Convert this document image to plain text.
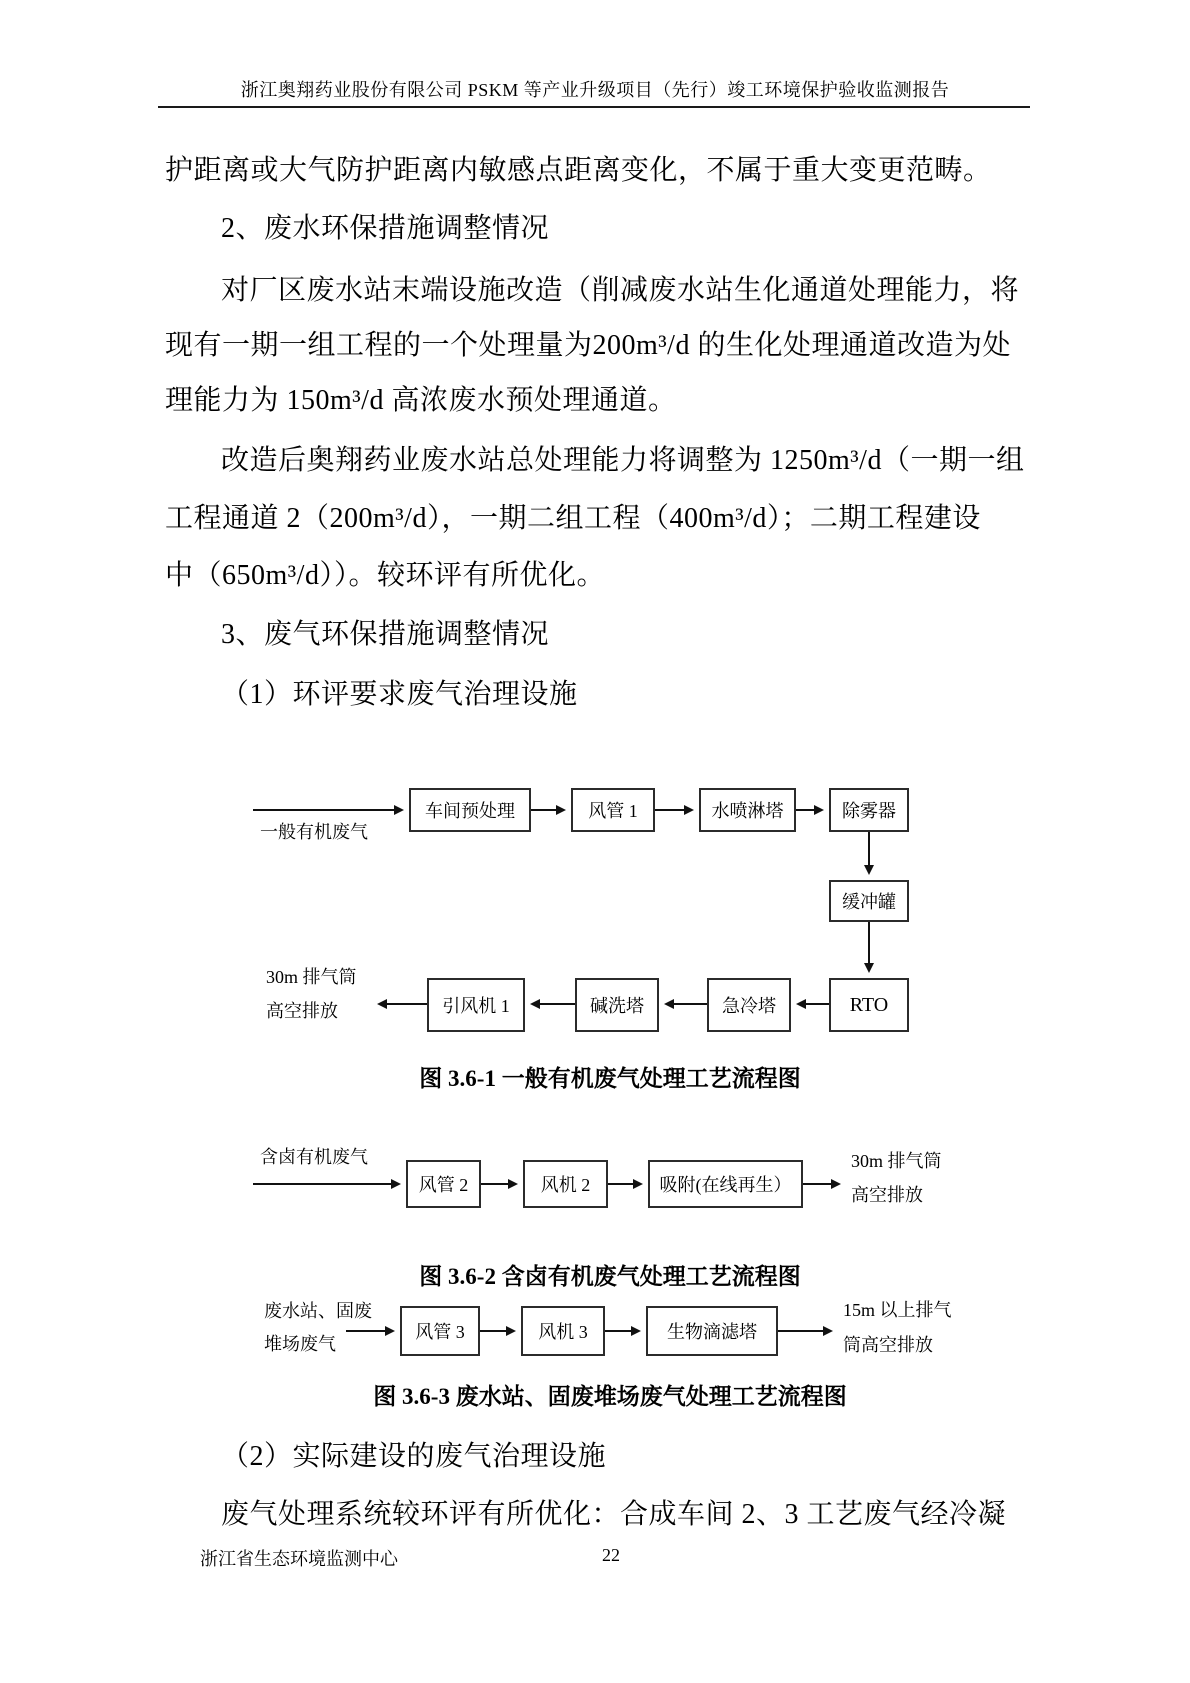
浙江奥翔药业股份有限公司 PSKM 等产业升级项目（先行）竣工环境保护验收监测报告
护距离或大气防护距离内敏感点距离变化，不属于重大变更范畴。
2、废水环保措施调整情况
对厂区废水站末端设施改造（削减废水站生化通道处理能力，将
现有一期一组工程的一个处理量为200m³/d 的生化处理通道改造为处
理能力为 150m³/d 高浓废水预处理通道。
改造后奥翔药业废水站总处理能力将调整为 1250m³/d（一期一组
工程通道 2（200m³/d），一期二组工程（400m³/d）；二期工程建设
中（650m³/d））。较环评有所优化。
3、废气环保措施调整情况
（1）环评要求废气治理设施
一般有机废气
车间预处理	风管 1	水喷淋塔	除雾器
缓冲罐
RTO
急冷塔
碱洗塔
引风机 1
30m 排气筒
高空排放
图 3.6-1 一般有机废气处理工艺流程图
含卤有机废气
风管 2	风机 2	吸附(在线再生）
30m 排气筒
高空排放
图 3.6-2 含卤有机废气处理工艺流程图
废水站、固废
堆场废气
风管 3	风机 3	生物滴滤塔
15m 以上排气
筒高空排放
图 3.6-3 废水站、固废堆场废气处理工艺流程图
（2）实际建设的废气治理设施
废气处理系统较环评有所优化：合成车间 2、3 工艺废气经冷凝
浙江省生态环境监测中心	22
